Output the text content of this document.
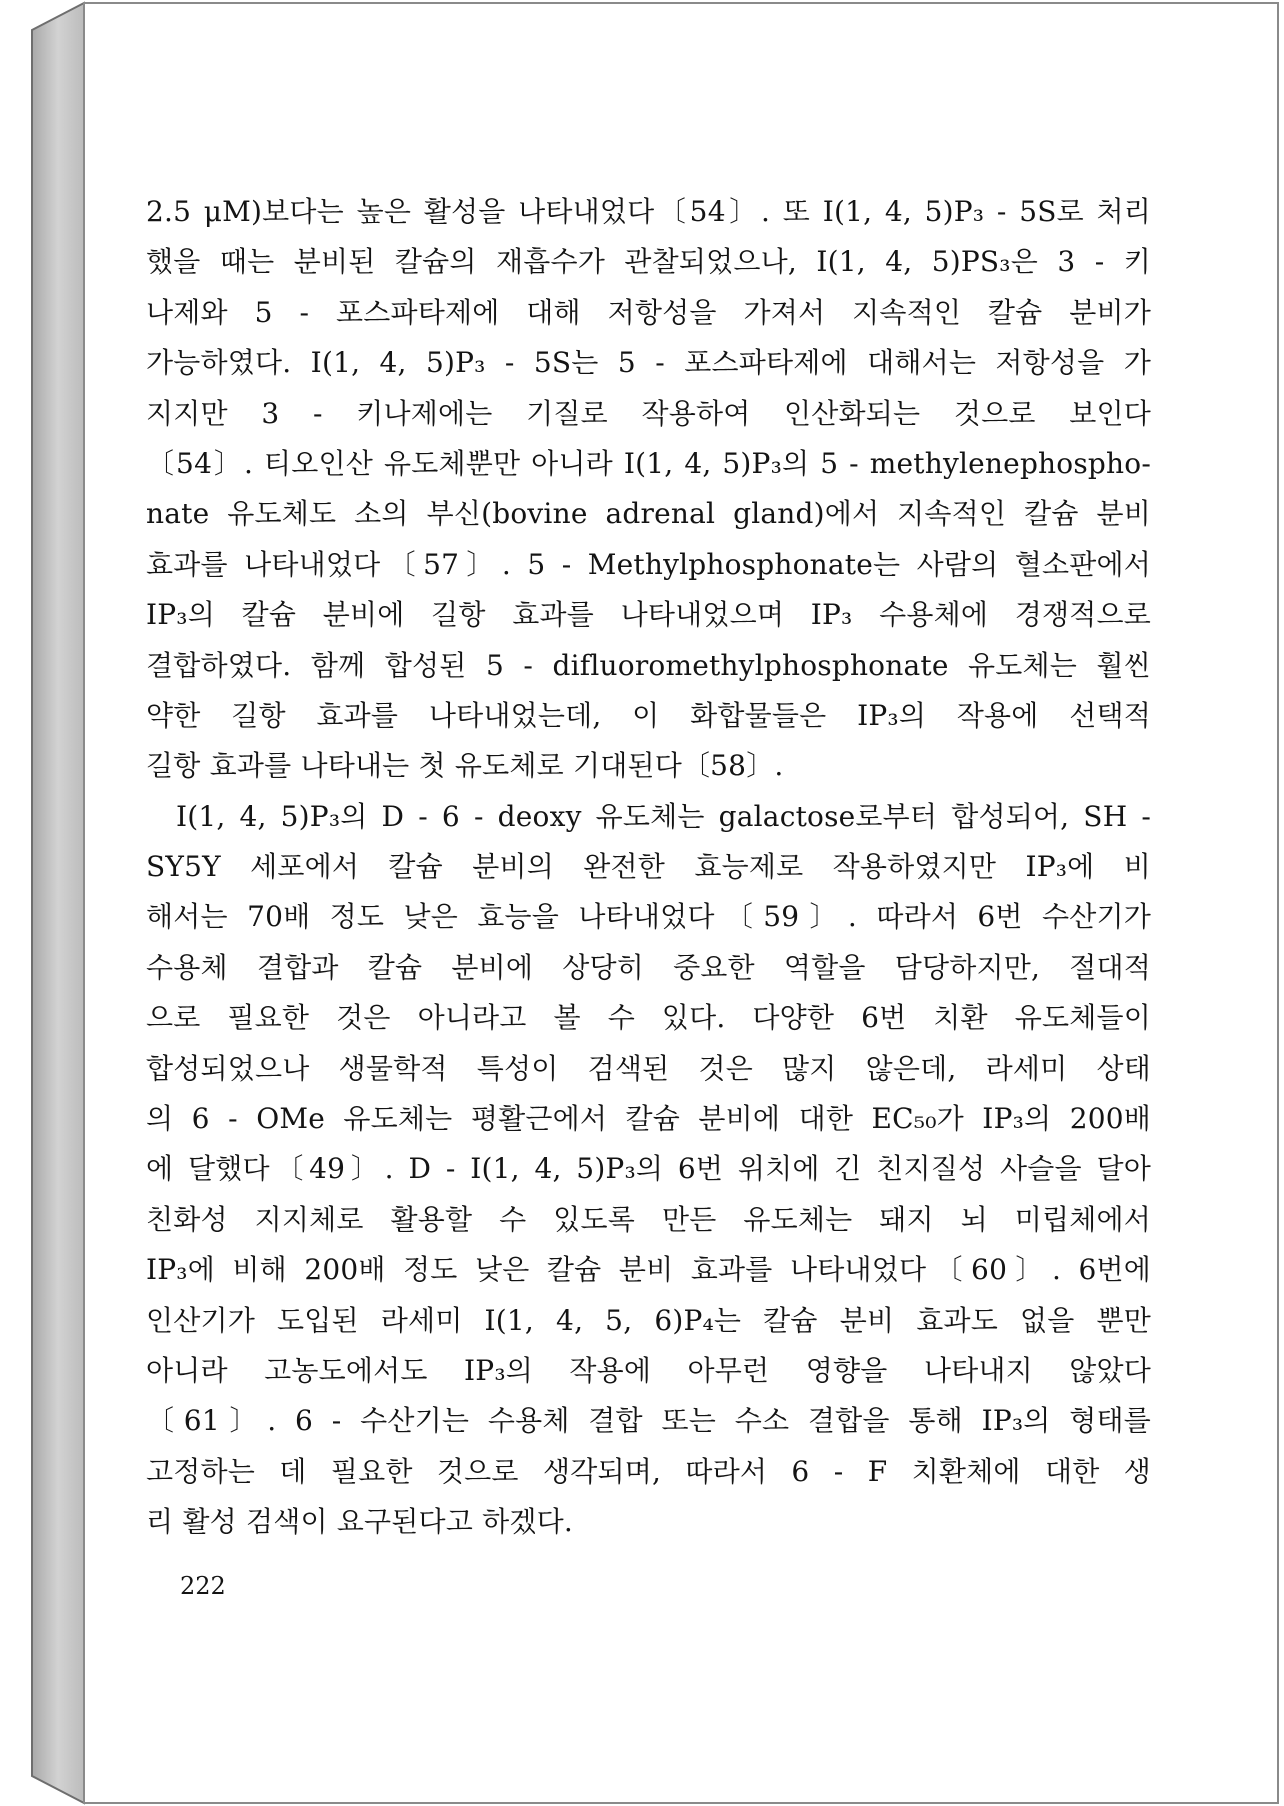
2.5 μM)보다는 높은 활성을 나타내었다〔54〕. 또 I(1, 4, 5)P₃ - 5S로 처리
했을 때는 분비된 칼슘의 재흡수가 관찰되었으나, I(1, 4, 5)PS₃은 3 - 키
나제와 5 - 포스파타제에 대해 저항성을 가져서 지속적인 칼슘 분비가
가능하였다. I(1, 4, 5)P₃ - 5S는 5 - 포스파타제에 대해서는 저항성을 가
지지만 3 - 키나제에는 기질로 작용하여 인산화되는 것으로 보인다
〔54〕. 티오인산 유도체뿐만 아니라 I(1, 4, 5)P₃의 5 - methylenephospho-
nate 유도체도 소의 부신(bovine adrenal gland)에서 지속적인 칼슘 분비
효과를 나타내었다〔57〕. 5 - Methylphosphonate는 사람의 혈소판에서
IP₃의 칼슘 분비에 길항 효과를 나타내었으며 IP₃ 수용체에 경쟁적으로
결합하였다. 함께 합성된 5 - difluoromethylphosphonate 유도체는 훨씬
약한 길항 효과를 나타내었는데, 이 화합물들은 IP₃의 작용에 선택적
길항 효과를 나타내는 첫 유도체로 기대된다〔58〕.
I(1, 4, 5)P₃의 D - 6 - deoxy 유도체는 galactose로부터 합성되어, SH -
SY5Y 세포에서 칼슘 분비의 완전한 효능제로 작용하였지만 IP₃에 비
해서는 70배 정도 낮은 효능을 나타내었다〔59〕. 따라서 6번 수산기가
수용체 결합과 칼슘 분비에 상당히 중요한 역할을 담당하지만, 절대적
으로 필요한 것은 아니라고 볼 수 있다. 다양한 6번 치환 유도체들이
합성되었으나 생물학적 특성이 검색된 것은 많지 않은데, 라세미 상태
의 6 - OMe 유도체는 평활근에서 칼슘 분비에 대한 EC₅₀가 IP₃의 200배
에 달했다〔49〕. D - I(1, 4, 5)P₃의 6번 위치에 긴 친지질성 사슬을 달아
친화성 지지체로 활용할 수 있도록 만든 유도체는 돼지 뇌 미립체에서
IP₃에 비해 200배 정도 낮은 칼슘 분비 효과를 나타내었다〔60〕. 6번에
인산기가 도입된 라세미 I(1, 4, 5, 6)P₄는 칼슘 분비 효과도 없을 뿐만
아니라 고농도에서도 IP₃의 작용에 아무런 영향을 나타내지 않았다
〔61〕. 6 - 수산기는 수용체 결합 또는 수소 결합을 통해 IP₃의 형태를
고정하는 데 필요한 것으로 생각되며, 따라서 6 - F 치환체에 대한 생
리 활성 검색이 요구된다고 하겠다.
222
